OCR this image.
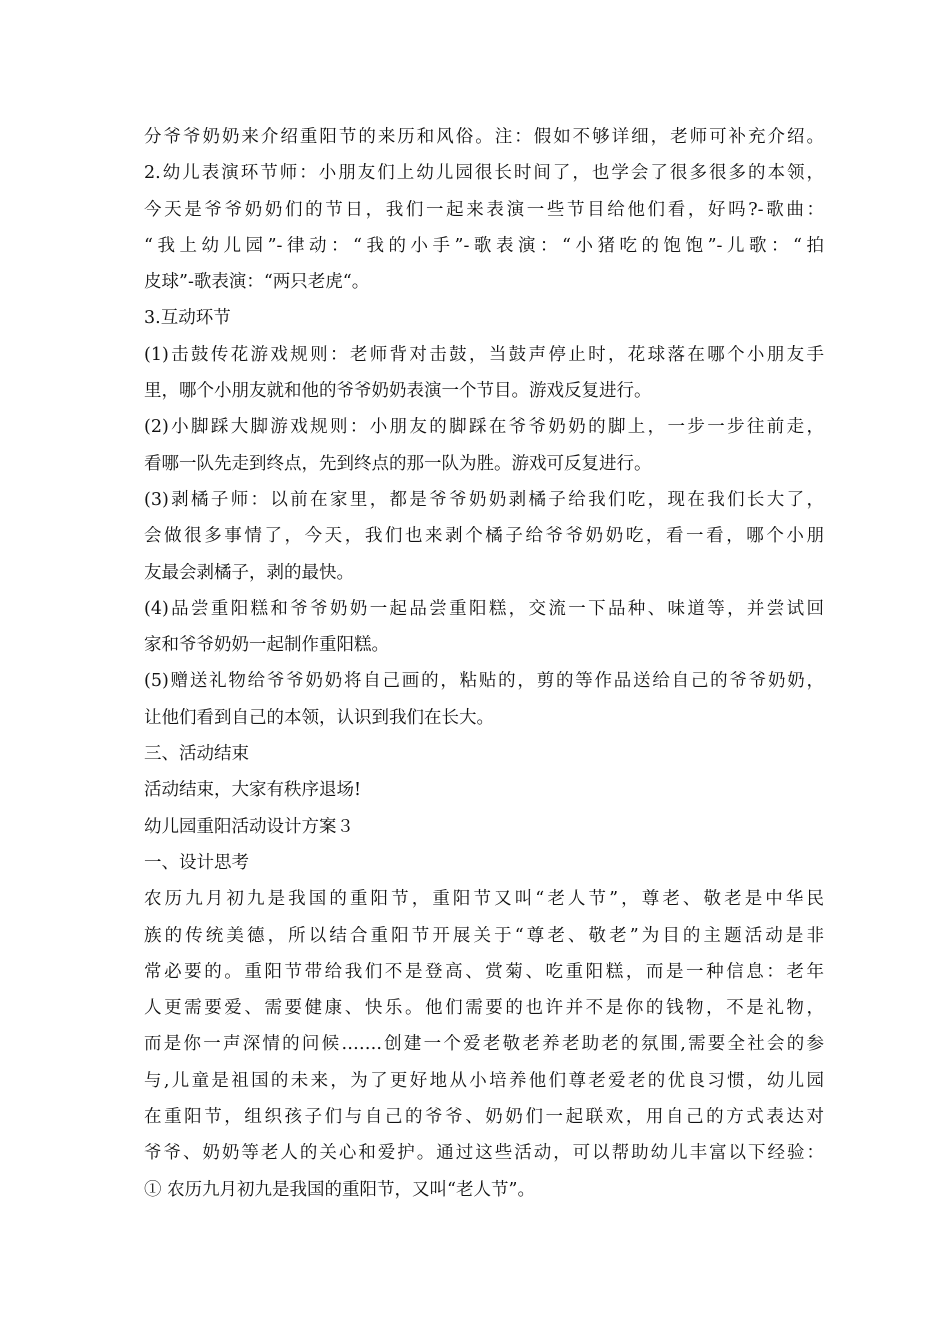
分爷爷奶奶来介绍重阳节的来历和风俗。注：假如不够详细，老师可补充介绍。
2.幼儿表演环节师：小朋友们上幼儿园很长时间了，也学会了很多很多的本领，
今天是爷爷奶奶们的节日，我们一起来表演一些节目给他们看，好吗?-歌曲：
“我上幼儿园”-律动：“我的小手”-歌表演：“小猪吃的饱饱”-儿歌：“拍
皮球”-歌表演：“两只老虎“。
3.互动环节
(1)击鼓传花游戏规则：老师背对击鼓，当鼓声停止时，花球落在哪个小朋友手
里，哪个小朋友就和他的爷爷奶奶表演一个节目。游戏反复进行。
(2)小脚踩大脚游戏规则：小朋友的脚踩在爷爷奶奶的脚上，一步一步往前走，
看哪一队先走到终点，先到终点的那一队为胜。游戏可反复进行。
(3)剥橘子师：以前在家里，都是爷爷奶奶剥橘子给我们吃，现在我们长大了，
会做很多事情了，今天，我们也来剥个橘子给爷爷奶奶吃，看一看，哪个小朋
友最会剥橘子，剥的最快。
(4)品尝重阳糕和爷爷奶奶一起品尝重阳糕，交流一下品种、味道等，并尝试回
家和爷爷奶奶一起制作重阳糕。
(5)赠送礼物给爷爷奶奶将自己画的，粘贴的，剪的等作品送给自己的爷爷奶奶，
让他们看到自己的本领，认识到我们在长大。
三、活动结束
活动结束，大家有秩序退场!
幼儿园重阳活动设计方案３
一、设计思考
农历九月初九是我国的重阳节，重阳节又叫“老人节”，尊老、敬老是中华民
族的传统美德，所以结合重阳节开展关于“尊老、敬老”为目的主题活动是非
常必要的。重阳节带给我们不是登高、赏菊、吃重阳糕，而是一种信息：老年
人更需要爱、需要健康、快乐。他们需要的也许并不是你的钱物，不是礼物，
而是你一声深情的问候…….创建一个爱老敬老养老助老的氛围,需要全社会的参
与,儿童是祖国的未来，为了更好地从小培养他们尊老爱老的优良习惯，幼儿园
在重阳节，组织孩子们与自己的爷爷、奶奶们一起联欢，用自己的方式表达对
爷爷、奶奶等老人的关心和爱护。通过这些活动，可以帮助幼儿丰富以下经验：
① 农历九月初九是我国的重阳节，又叫“老人节”。
